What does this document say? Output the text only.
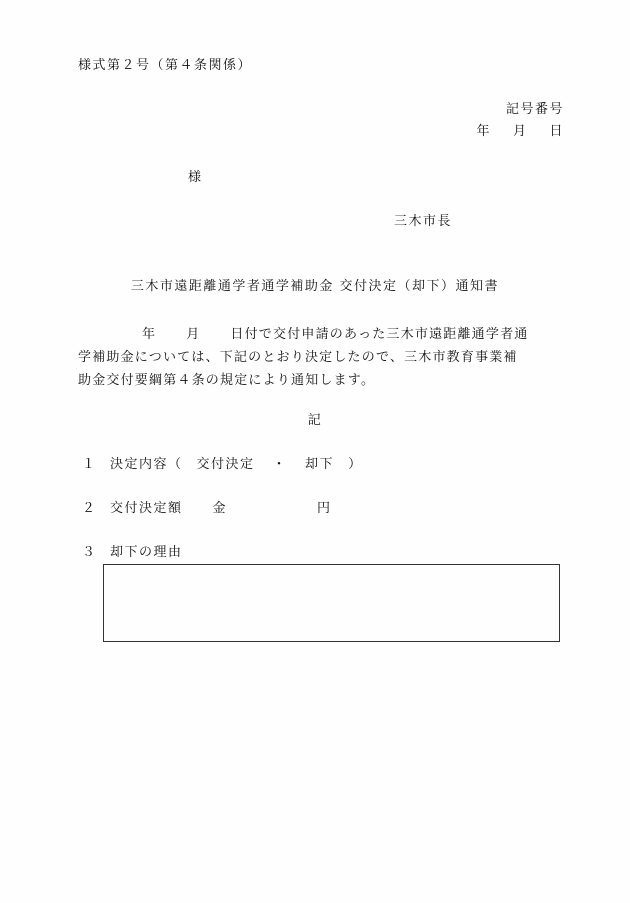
様式第２号（第４条関係）
記号番号
年 月 日
様
三木市長
三木市遠距離通学者通学補助金 交付決定（却下）通知書
年 月 日付で交付申請のあった三木市遠距離通学者通
学補助金については、下記のとおり決定したので、三木市教育事業補
助金交付要綱第４条の規定により通知します。
記
１ 決定内容（ 交付決定 ・ 却下 ）
２ 交付決定額 金	円
３ 却下の理由
